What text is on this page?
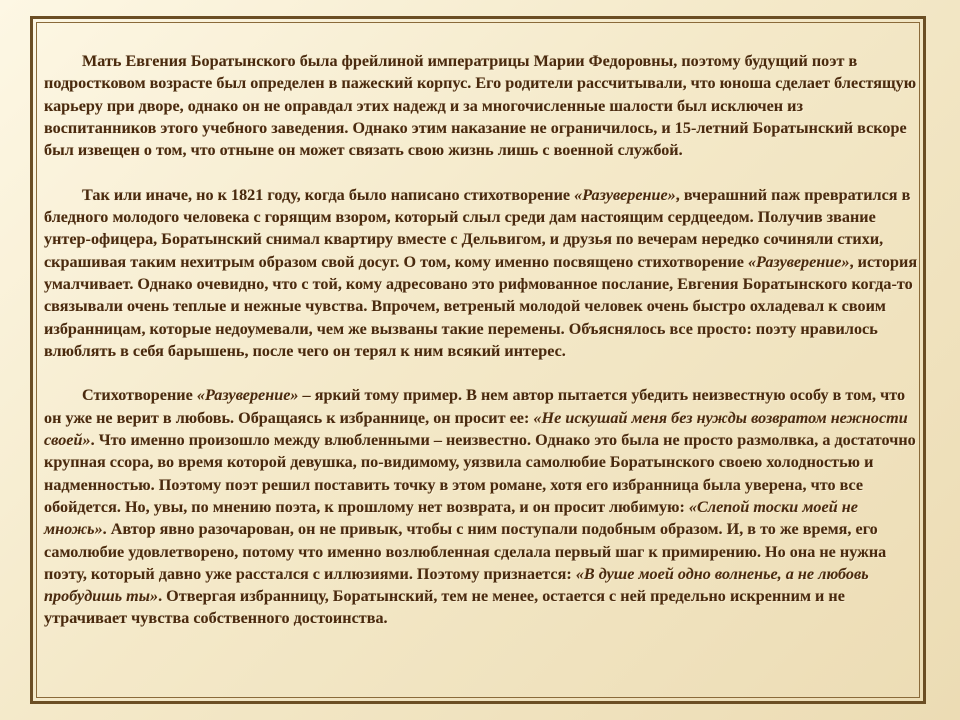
Мать Евгения Боратынского была фрейлиной императрицы Марии Федоровны, поэтому будущий поэт в подростковом возрасте был определен в пажеский корпус. Его родители рассчитывали, что юноша сделает блестящую карьеру при дворе, однако он не оправдал этих надежд и за многочисленные шалости был исключен из воспитанников этого учебного заведения. Однако этим наказание не ограничилось, и 15-летний Боратынский вскоре был извещен о том, что отныне он может связать свою жизнь лишь с военной службой.

Так или иначе, но к 1821 году, когда было написано стихотворение «Разуверение», вчерашний паж превратился в бледного молодого человека с горящим взором, который слыл среди дам настоящим сердцеедом. Получив звание унтер-офицера, Боратынский снимал квартиру вместе с Дельвигом, и друзья по вечерам нередко сочиняли стихи, скрашивая таким нехитрым образом свой досуг. О том, кому именно посвящено стихотворение «Разуверение», история умалчивает. Однако очевидно, что с той, кому адресовано это рифмованное послание, Евгения Боратынского когда-то связывали очень теплые и нежные чувства. Впрочем, ветреный молодой человек очень быстро охладевал к своим избранницам, которые недоумевали, чем же вызваны такие перемены. Объяснялось все просто: поэту нравилось влюблять в себя барышень, после чего он терял к ним всякий интерес.

Стихотворение «Разуверение» – яркий тому пример. В нем автор пытается убедить неизвестную особу в том, что он уже не верит в любовь. Обращаясь к избраннице, он просит ее: «Не искушай меня без нужды возвратом нежности своей». Что именно произошло между влюбленными – неизвестно. Однако это была не просто размолвка, а достаточно крупная ссора, во время которой девушка, по-видимому, уязвила самолюбие Боратынского своею холодностью и надменностью. Поэтому поэт решил поставить точку в этом романе, хотя его избранница была уверена, что все обойдется. Но, увы, по мнению поэта, к прошлому нет возврата, и он просит любимую: «Слепой тоски моей не множь». Автор явно разочарован, он не привык, чтобы с ним поступали подобным образом. И, в то же время, его самолюбие удовлетворено, потому что именно возлюбленная сделала первый шаг к примирению. Но она не нужна поэту, который давно уже расстался с иллюзиями. Поэтому признается: «В душе моей одно волненье, а не любовь пробудишь ты». Отвергая избранницу, Боратынский, тем не менее, остается с ней предельно искренним и не утрачивает чувства собственного достоинства.
